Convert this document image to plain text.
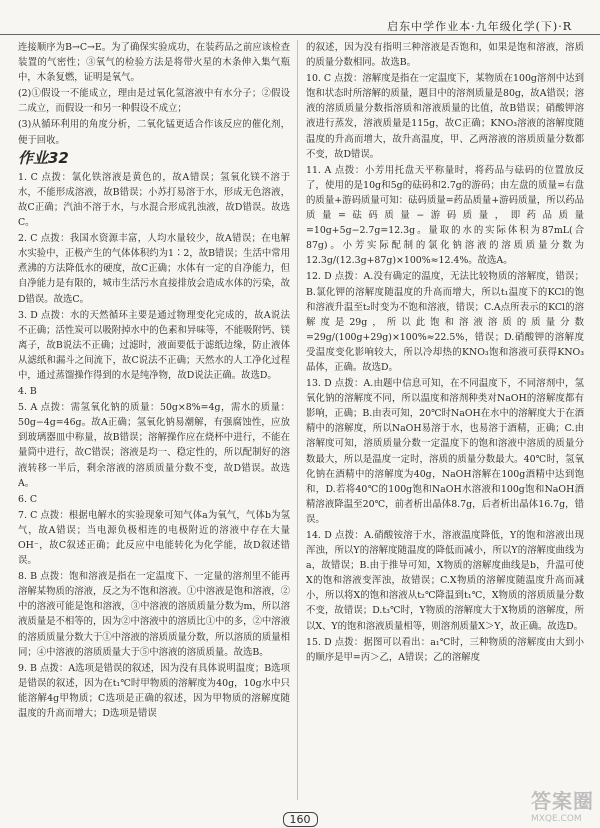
启东中学作业本·九年级化学(下)·R

连接顺序为B→C→E。为了确保实验成功，在装药品之前应该检查装置的气密性；③氧气的检验方法是将带火星的木条伸入集气瓶中，木条复燃，证明是氧气。

(2)①假设一不能成立，理由是过氧化氢溶液中有水分子；②假设二成立，而假设一和另一种假设不成立；

(3)从循环利用的角度分析，二氧化锰更适合作该反应的催化剂，便于回收。

作业32

1. C 点拨：氯化铁溶液是黄色的，故A错误；氢氧化镁不溶于水，不能形成溶液，故B错误；小苏打易溶于水，形成无色溶液，故C正确；汽油不溶于水，与水混合形成乳浊液，故D错误。故选C。

2. C 点拨：我国水资源丰富，人均水量较少，故A错误；在电解水实验中，正极产生的气体体积约为1∶2，故B错误；生活中常用煮沸的方法降低水的硬度，故C正确；水体有一定的自净能力，但自净能力是有限的，城市生活污水直接排放会造成水体的污染，故D错误。故选C。

3. D 点拨：水的天然循环主要是通过物理变化完成的，故A说法不正确；活性炭可以吸附掉水中的色素和异味等，不能吸附钙、镁离子，故B说法不正确；过滤时，液面要低于滤纸边缘，防止液体从滤纸和漏斗之间流下，故C说法不正确；天然水的人工净化过程中，通过蒸馏操作得到的水是纯净物，故D说法正确。故选D。

4. B

5. A 点拨：需氢氧化钠的质量：50g×8%=4g，需水的质量：50g−4g=46g。故A正确；氢氧化钠易潮解，有强腐蚀性，应放到玻璃器皿中称量，故B错误；溶解操作应在烧杯中进行，不能在量筒中进行，故C错误；溶液是均一、稳定性的，所以配制好的溶液转移一半后，剩余溶液的溶质质量分数不变，故D错误。故选A。

6. C

7. C 点拨：根据电解水的实验现象可知气体a为氧气，气体b为氢气，故A错误；当电源负极相连的电极附近的溶液中存在大量OH⁻，故C叙述正确；此反应中电能转化为化学能，故D叙述错误。

8. B 点拨：饱和溶液是指在一定温度下、一定量的溶剂里不能再溶解某物质的溶液，反之为不饱和溶液。①中溶液是饱和溶液，②中的溶液可能是饱和溶液，③中溶液的溶质质量分数为m，所以溶液质量是不相等的，因为②中溶液中的溶质比①中的多，②中溶液的溶质质量分数大于①中溶液的溶质质量分数，所以溶质的质量相同；④中溶液的溶质质量大于⑤中溶液的溶质质量。故选B。

9. B 点拨：A选项是错误的叙述，因为没有具体说明温度；B选项是错误的叙述，因为在t₁℃时甲物质的溶解度为40g，10g水中只能溶解4g甲物质；C选项是正确的叙述，因为甲物质的溶解度随温度的升高而增大；D选项是错误

的叙述，因为没有指明三种溶液是否饱和，如果是饱和溶液，溶质的质量分数相同。故选B。

10. C 点拨：溶解度是指在一定温度下，某物质在100g溶剂中达到饱和状态时所溶解的质量，题目中的溶剂质量是80g，故A错误；溶液的溶质质量分数指溶质和溶液质量的比值，故B错误；硝酸钾溶液进行蒸发，溶液质量是115g，故C正确；KNO₃溶液的溶解度随温度的升高而增大，故升高温度，甲、乙两溶液的溶质质量分数都不变，故D错误。

11. A 点拨：小芳用托盘天平称量时，将药品与砝码的位置放反了，使用的是10g和5g的砝码和2.7g的游码；由左盘的质量=右盘的质量+游码质量可知：砝码质量=药品质量+游码质量，所以药品质量=砝码质量−游码质量，即药品质量=10g+5g−2.7g=12.3g。量取的水的实际体积为87mL(合87g)。小芳实际配制的氯化钠溶液的溶质质量分数为12.3g/(12.3g+87g)×100%≈12.4%。故选A。

12. D 点拨：A.没有确定的温度，无法比较物质的溶解度，错误；B.氯化钾的溶解度随温度的升高而增大，所以t₁温度下的KCl的饱和溶液升温至t₂时变为不饱和溶液，错误；C.A点所表示的KCl的溶解度是29g，所以此饱和溶液溶质的质量分数=29g/(100g+29g)×100%≈22.5%，错误；D.硝酸钾的溶解度受温度变化影响较大，所以冷却热的KNO₃饱和溶液可获得KNO₃晶体，正确。故选D。

13. D 点拨：A.由题中信息可知，在不同温度下，不同溶剂中，氢氧化钠的溶解度不同，所以温度和溶剂种类对NaOH的溶解度都有影响，正确；B.由表可知，20℃时NaOH在水中的溶解度大于在酒精中的溶解度，所以NaOH易溶于水，也易溶于酒精，正确；C.由溶解度可知，溶质质量分数一定温度下的饱和溶液中溶质的质量分数最大，所以是温度一定时，溶质的质量分数最大。40℃时，氢氧化钠在酒精中的溶解度为40g，NaOH溶解在100g酒精中达到饱和，D.若将40℃的100g饱和NaOH水溶液和100g饱和NaOH酒精溶液降温至20℃，前者析出晶体8.7g，后者析出晶体16.7g，错误。

14. D 点拨：A.硝酸铵溶于水，溶液温度降低，Y的饱和溶液出现浑浊，所以Y的溶解度随温度的降低而减小，所以Y的溶解度曲线为a，故错误；B.由于推导可知，X物质的溶解度曲线是b，升温可使X的饱和溶液变浑浊，故错误；C.X物质的溶解度随温度升高而减小，所以将X的饱和溶液从t₂℃降温到t₁℃，X物质的溶质质量分数不变，故错误；D.t₃℃时，Y物质的溶解度大于X物质的溶解度，所以X、Y的饱和溶液质量相等，则溶剂质量X＞Y，故正确。故选D。

15. D 点拨：据图可以看出：a₁℃时，三种物质的溶解度由大到小的顺序是甲=丙＞乙，A错误；乙的溶解度

160
答案圈
MXQE.COM
